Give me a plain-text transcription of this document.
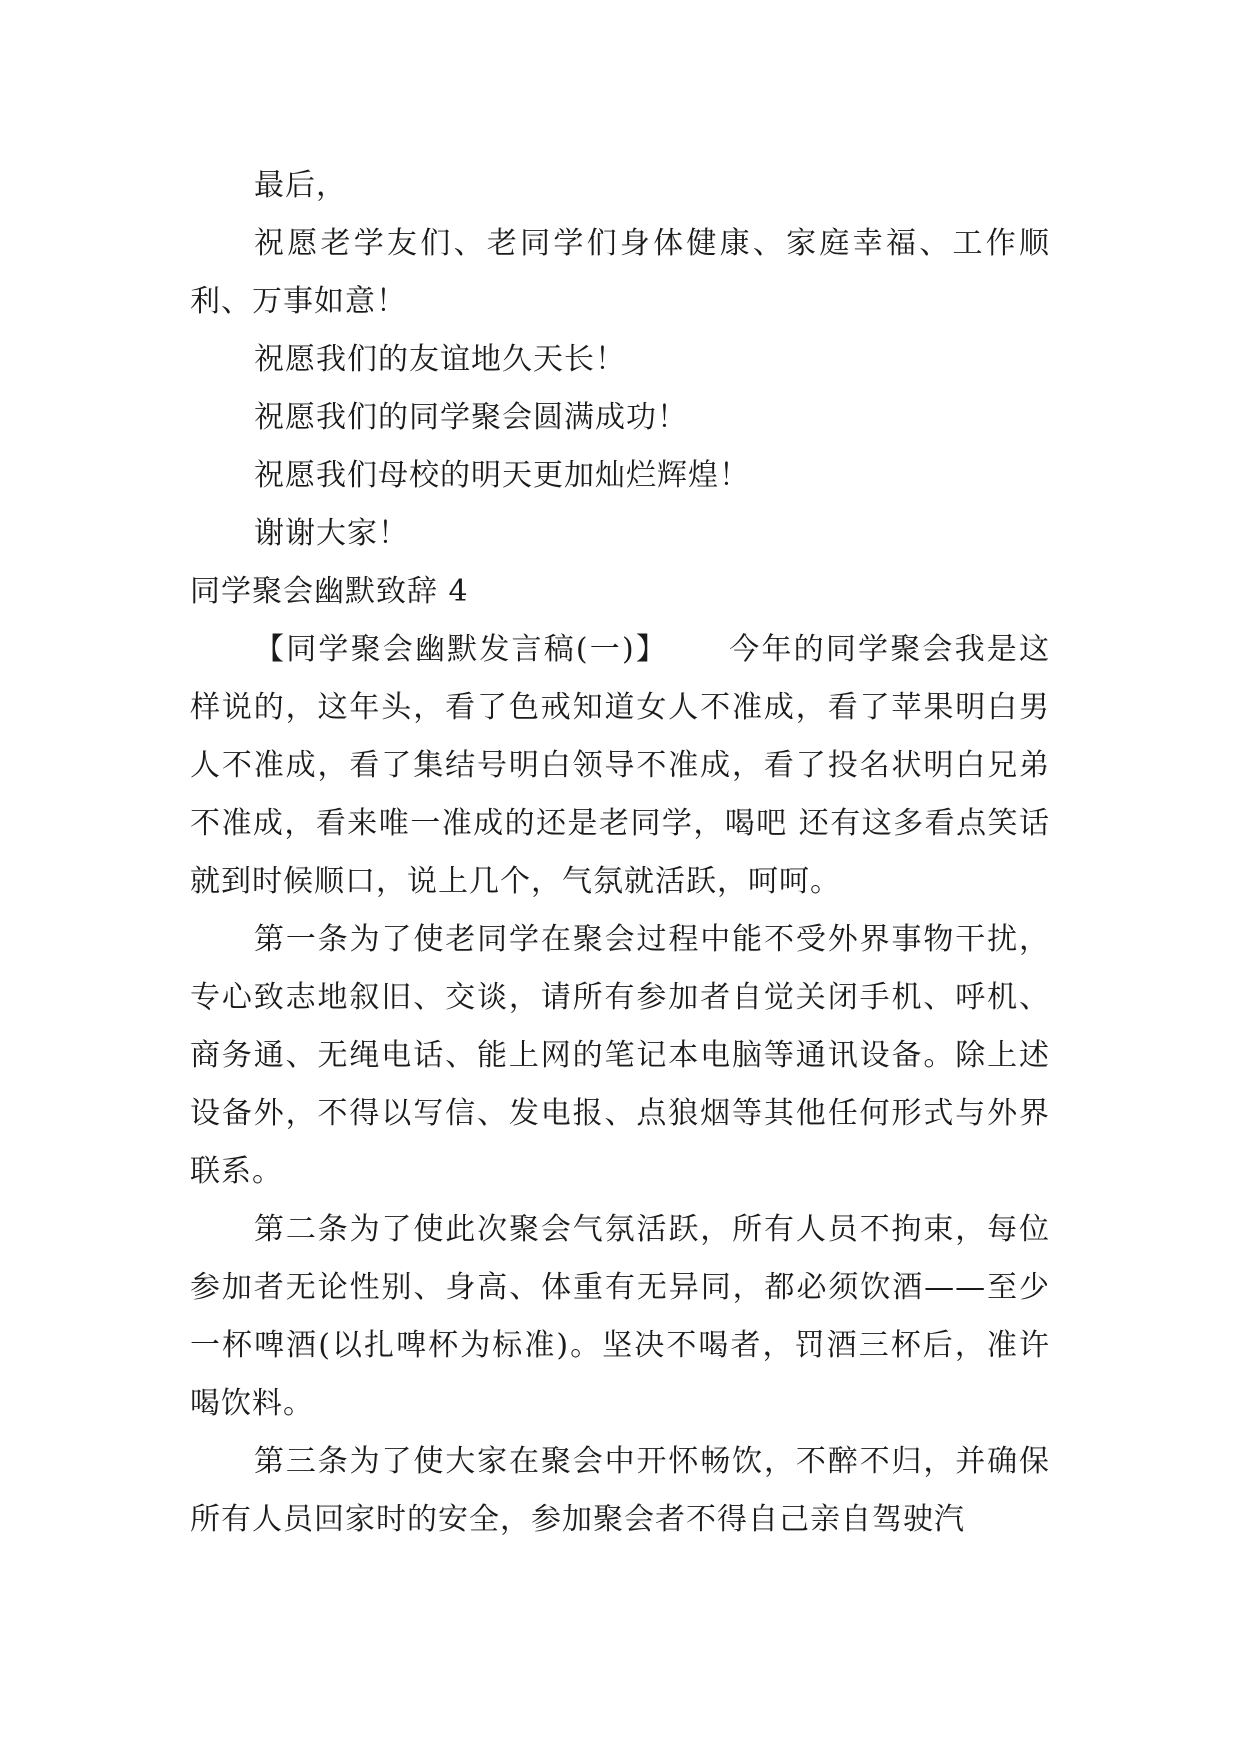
最后，

祝愿老学友们、老同学们身体健康、家庭幸福、工作顺利、万事如意！

祝愿我们的友谊地久天长！

祝愿我们的同学聚会圆满成功！

祝愿我们母校的明天更加灿烂辉煌！

谢谢大家！

同学聚会幽默致辞 4

【同学聚会幽默发言稿(一)】 今年的同学聚会我是这样说的，这年头，看了色戒知道女人不准成，看了苹果明白男人不准成，看了集结号明白领导不准成，看了投名状明白兄弟不准成，看来唯一准成的还是老同学，喝吧 还有这多看点笑话就到时候顺口，说上几个，气氛就活跃，呵呵。

第一条为了使老同学在聚会过程中能不受外界事物干扰，专心致志地叙旧、交谈，请所有参加者自觉关闭手机、呼机、商务通、无绳电话、能上网的笔记本电脑等通讯设备。除上述设备外，不得以写信、发电报、点狼烟等其他任何形式与外界联系。

第二条为了使此次聚会气氛活跃，所有人员不拘束，每位参加者无论性别、身高、体重有无异同，都必须饮酒——至少一杯啤酒(以扎啤杯为标准)。坚决不喝者，罚酒三杯后，准许喝饮料。

第三条为了使大家在聚会中开怀畅饮，不醉不归，并确保所有人员回家时的安全，参加聚会者不得自己亲自驾驶汽
